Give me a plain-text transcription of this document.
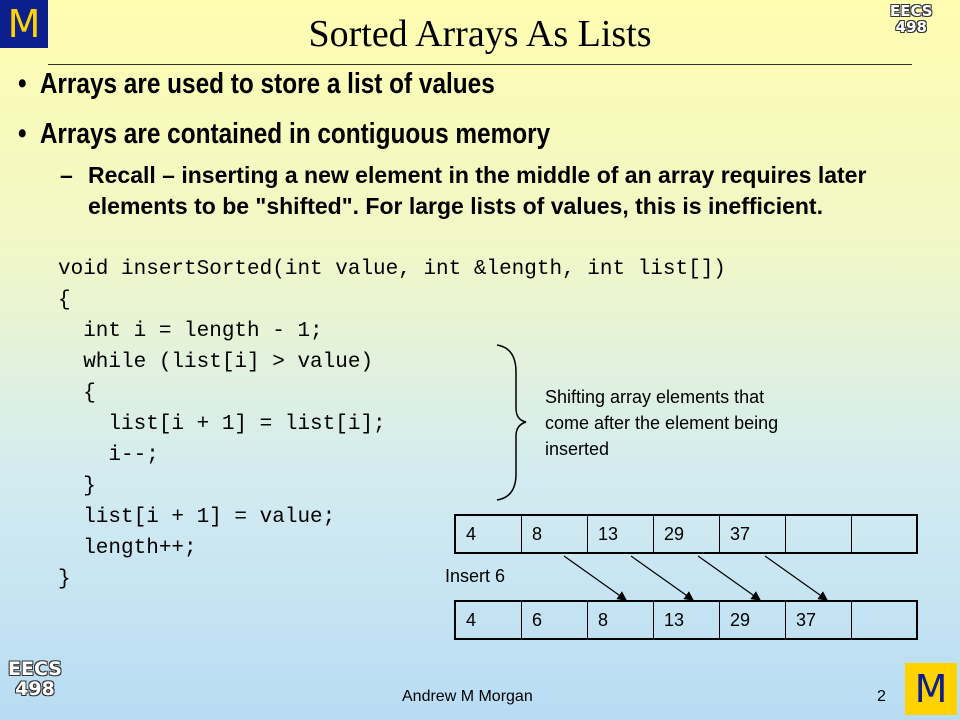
M	EECS
498
EECS
498	M
Sorted Arrays As Lists
• Arrays are used to store a list of values
• Arrays are contained in contiguous memory
– Recall – inserting a new element in the middle of an array requires later elements to be "shifted". For large lists of values, this is inefficient.
void insertSorted(int value, int &length, int list[])
{
int i = length - 1;
while (list[i] > value)
{
list[i + 1] = list[i];
i--;
}
list[i + 1] = value;
length++;
}
Shifting array elements that come after the element being inserted
4	8	13	29	37
Insert 6
4	6	8	13	29	37
Andrew M Morgan	2
